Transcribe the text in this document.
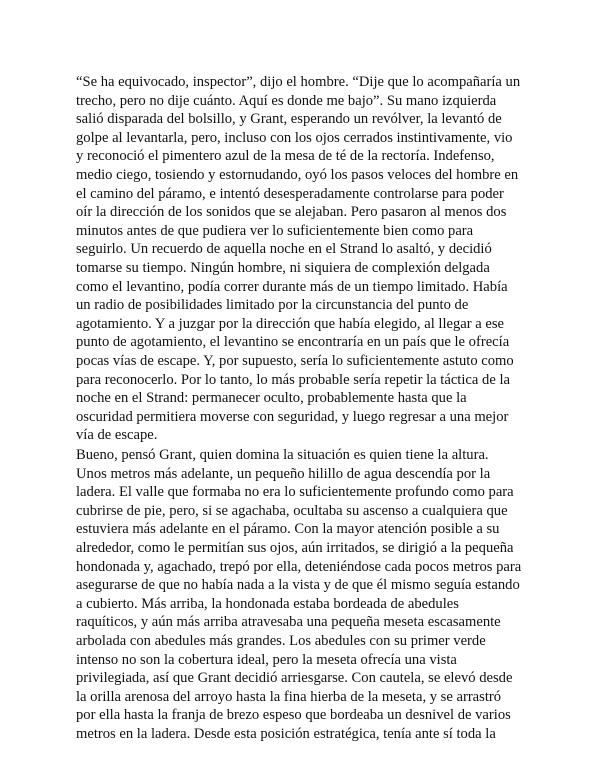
“Se ha equivocado, inspector”, dijo el hombre. “Dije que lo acompañaría un
trecho, pero no dije cuánto. Aquí es donde me bajo”. Su mano izquierda
salió disparada del bolsillo, y Grant, esperando un revólver, la levantó de
golpe al levantarla, pero, incluso con los ojos cerrados instintivamente, vio
y reconoció el pimentero azul de la mesa de té de la rectoría. Indefenso,
medio ciego, tosiendo y estornudando, oyó los pasos veloces del hombre en
el camino del páramo, e intentó desesperadamente controlarse para poder
oír la dirección de los sonidos que se alejaban. Pero pasaron al menos dos
minutos antes de que pudiera ver lo suficientemente bien como para
seguirlo. Un recuerdo de aquella noche en el Strand lo asaltó, y decidió
tomarse su tiempo. Ningún hombre, ni siquiera de complexión delgada
como el levantino, podía correr durante más de un tiempo limitado. Había
un radio de posibilidades limitado por la circunstancia del punto de
agotamiento. Y a juzgar por la dirección que había elegido, al llegar a ese
punto de agotamiento, el levantino se encontraría en un país que le ofrecía
pocas vías de escape. Y, por supuesto, sería lo suficientemente astuto como
para reconocerlo. Por lo tanto, lo más probable sería repetir la táctica de la
noche en el Strand: permanecer oculto, probablemente hasta que la
oscuridad permitiera moverse con seguridad, y luego regresar a una mejor
vía de escape.
Bueno, pensó Grant, quien domina la situación es quien tiene la altura.
Unos metros más adelante, un pequeño hilillo de agua descendía por la
ladera. El valle que formaba no era lo suficientemente profundo como para
cubrirse de pie, pero, si se agachaba, ocultaba su ascenso a cualquiera que
estuviera más adelante en el páramo. Con la mayor atención posible a su
alrededor, como le permitían sus ojos, aún irritados, se dirigió a la pequeña
hondonada y, agachado, trepó por ella, deteniéndose cada pocos metros para
asegurarse de que no había nada a la vista y de que él mismo seguía estando
a cubierto. Más arriba, la hondonada estaba bordeada de abedules
raquíticos, y aún más arriba atravesaba una pequeña meseta escasamente
arbolada con abedules más grandes. Los abedules con su primer verde
intenso no son la cobertura ideal, pero la meseta ofrecía una vista
privilegiada, así que Grant decidió arriesgarse. Con cautela, se elevó desde
la orilla arenosa del arroyo hasta la fina hierba de la meseta, y se arrastró
por ella hasta la franja de brezo espeso que bordeaba un desnivel de varios
metros en la ladera. Desde esta posición estratégica, tenía ante sí toda la
